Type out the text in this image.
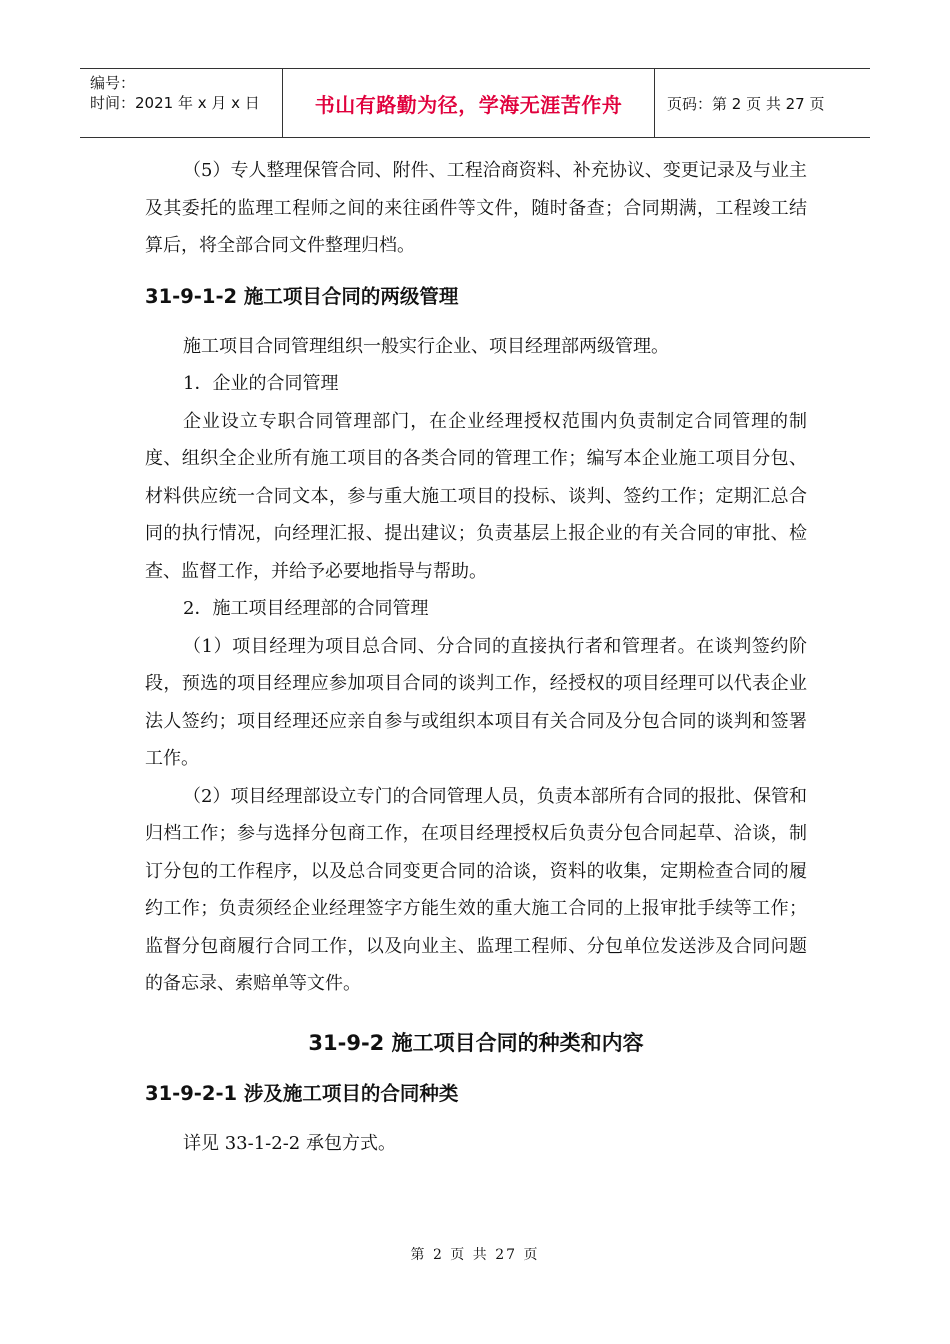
编号：
时间：2021 年 x 月 x 日	书山有路勤为径，学海无涯苦作舟	页码：第 2 页 共 27 页

（5）专人整理保管合同、附件、工程洽商资料、补充协议、变更记录及与业主及其委托的监理工程师之间的来往函件等文件，随时备查；合同期满，工程竣工结算后，将全部合同文件整理归档。

31-9-1-2 施工项目合同的两级管理

施工项目合同管理组织一般实行企业、项目经理部两级管理。

1．企业的合同管理

企业设立专职合同管理部门，在企业经理授权范围内负责制定合同管理的制度、组织全企业所有施工项目的各类合同的管理工作；编写本企业施工项目分包、材料供应统一合同文本，参与重大施工项目的投标、谈判、签约工作；定期汇总合同的执行情况，向经理汇报、提出建议；负责基层上报企业的有关合同的审批、检查、监督工作，并给予必要地指导与帮助。

2．施工项目经理部的合同管理

（1）项目经理为项目总合同、分合同的直接执行者和管理者。在谈判签约阶段，预选的项目经理应参加项目合同的谈判工作，经授权的项目经理可以代表企业法人签约；项目经理还应亲自参与或组织本项目有关合同及分包合同的谈判和签署工作。

（2）项目经理部设立专门的合同管理人员，负责本部所有合同的报批、保管和归档工作；参与选择分包商工作，在项目经理授权后负责分包合同起草、洽谈，制订分包的工作程序，以及总合同变更合同的洽谈，资料的收集，定期检查合同的履约工作；负责须经企业经理签字方能生效的重大施工合同的上报审批手续等工作；监督分包商履行合同工作，以及向业主、监理工程师、分包单位发送涉及合同问题的备忘录、索赔单等文件。

31-9-2 施工项目合同的种类和内容
31-9-2-1 涉及施工项目的合同种类

详见 33-1-2-2 承包方式。

第 2 页 共 27 页
